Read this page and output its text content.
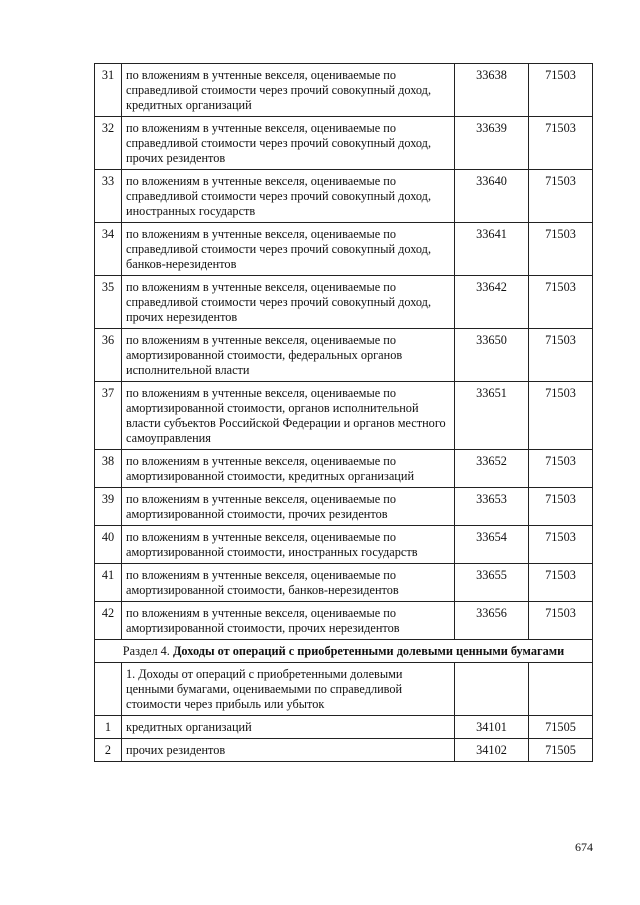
31	по вложениям в учтенные векселя, оцениваемые по справедливой стоимости через прочий совокупный доход, кредитных организаций	33638	71503
32	по вложениям в учтенные векселя, оцениваемые по справедливой стоимости через прочий совокупный доход, прочих резидентов	33639	71503
33	по вложениям в учтенные векселя, оцениваемые по справедливой стоимости через прочий совокупный доход, иностранных государств	33640	71503
34	по вложениям в учтенные векселя, оцениваемые по справедливой стоимости через прочий совокупный доход, банков-нерезидентов	33641	71503
35	по вложениям в учтенные векселя, оцениваемые по справедливой стоимости через прочий совокупный доход, прочих нерезидентов	33642	71503
36	по вложениям в учтенные векселя, оцениваемые по амортизированной стоимости, федеральных органов исполнительной власти	33650	71503
37	по вложениям в учтенные векселя, оцениваемые по амортизированной стоимости, органов исполнительной власти субъектов Российской Федерации и органов местного самоуправления	33651	71503
38	по вложениям в учтенные векселя, оцениваемые по амортизированной стоимости, кредитных организаций	33652	71503
39	по вложениям в учтенные векселя, оцениваемые по амортизированной стоимости, прочих резидентов	33653	71503
40	по вложениям в учтенные векселя, оцениваемые по амортизированной стоимости, иностранных государств	33654	71503
41	по вложениям в учтенные векселя, оцениваемые по амортизированной стоимости, банков-нерезидентов	33655	71503
42	по вложениям в учтенные векселя, оцениваемые по амортизированной стоимости, прочих нерезидентов	33656	71503
Раздел 4. Доходы от операций с приобретенными долевыми ценными бумагами			
	1. Доходы от операций с приобретенными долевыми ценными бумагами, оцениваемыми по справедливой стоимости через прибыль или убыток		
1	кредитных организаций	34101	71505
2	прочих резидентов	34102	71505
674
